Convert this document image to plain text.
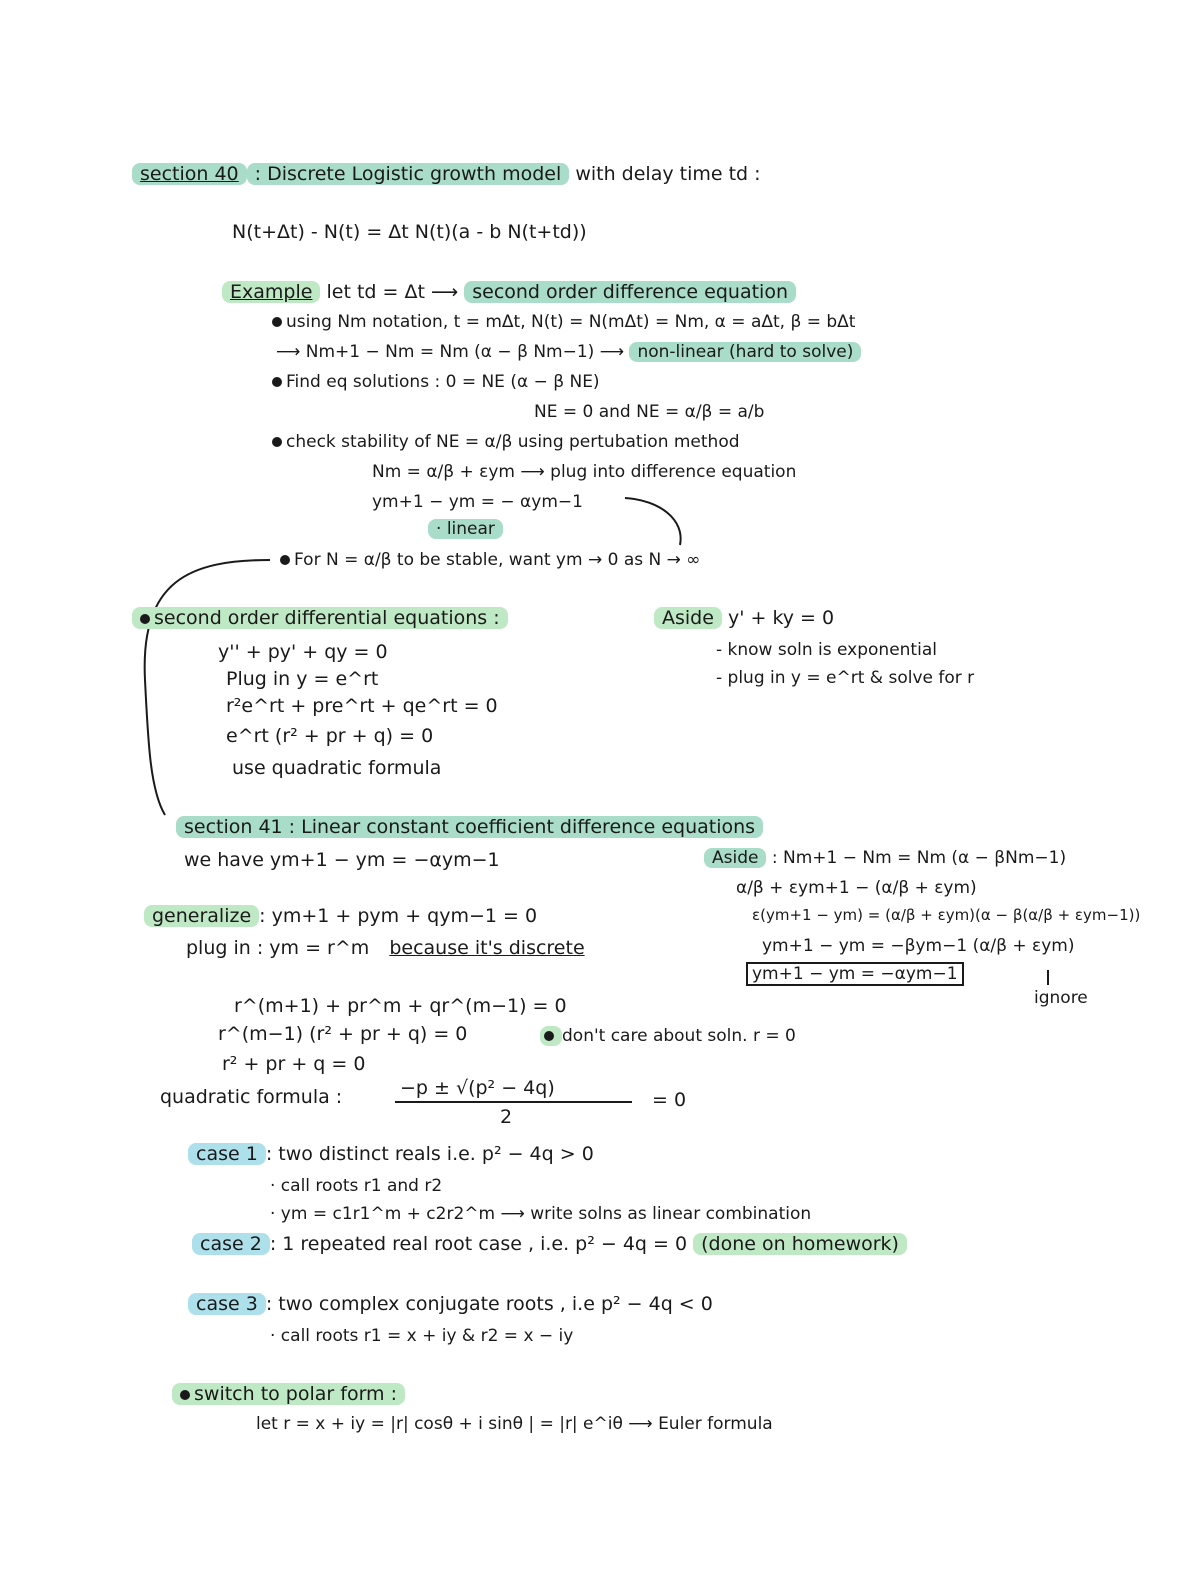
section 40 : Discrete Logistic growth model with delay time td :
N(t+Δt) - N(t) = Δt N(t)(a - b N(t+td))
Example let td = Δt ⟶ second order difference equation
using Nm notation, t = mΔt, N(t) = N(mΔt) = Nm, α = aΔt, β = bΔt
⟶ Nm+1 − Nm = Nm (α − β Nm−1) ⟶ non-linear (hard to solve)
Find eq solutions : 0 = NE (α − β NE)
NE = 0 and NE = α/β = a/b
check stability of NE = α/β using pertubation method
Nm = α/β + εym ⟶ plug into difference equation
ym+1 − ym = − αym−1
· linear
For N = α/β to be stable, want ym → 0 as N → ∞
second order differential equations :
y'' + py' + qy = 0
Plug in y = e^rt
r²e^rt + pre^rt + qe^rt = 0
e^rt (r² + pr + q) = 0
use quadratic formula
Aside y' + ky = 0
- know soln is exponential
- plug in y = e^rt & solve for r
section 41 : Linear constant coefficient difference equations
we have ym+1 − ym = −αym−1	Aside : Nm+1 − Nm = Nm (α − βNm−1)
α/β + εym+1 − (α/β + εym)
ε(ym+1 − ym) = (α/β + εym)(α − β(α/β + εym−1))
ym+1 − ym = −βym−1 (α/β + εym)
ym+1 − ym = −αym−1
ignore
generalize : ym+1 + pym + qym−1 = 0
plug in : ym = r^m because it's discrete
r^(m+1) + pr^m + qr^(m−1) = 0
r^(m−1) (r² + pr + q) = 0	don't care about soln. r = 0
r² + pr + q = 0
quadratic formula :	−p ± √(p² − 4q)
2
= 0
case 1 : two distinct reals i.e. p² − 4q > 0
· call roots r1 and r2
· ym = c1r1^m + c2r2^m ⟶ write solns as linear combination
case 2 : 1 repeated real root case , i.e. p² − 4q = 0 (done on homework)
case 3 : two complex conjugate roots , i.e p² − 4q < 0
· call roots r1 = x + iy & r2 = x − iy
switch to polar form :
let r = x + iy = |r| cosθ + i sinθ | = |r| e^iθ ⟶ Euler formula
